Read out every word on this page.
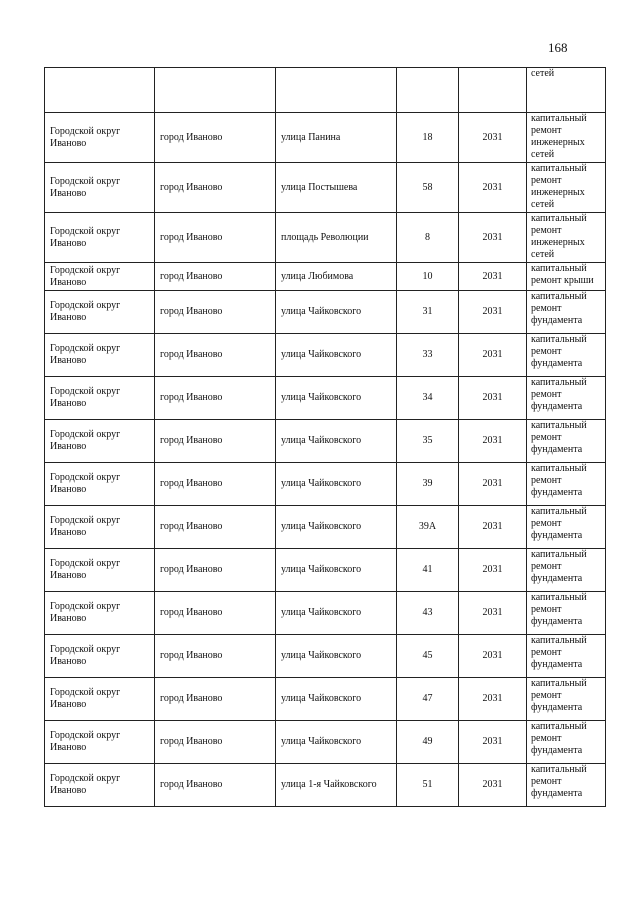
168
					сетей
Городской округ Иваново	город Иваново	улица Панина	18	2031	капитальный ремонт инженерных сетей
Городской округ Иваново	город Иваново	улица Постышева	58	2031	капитальный ремонт инженерных сетей
Городской округ Иваново	город Иваново	площадь Революции	8	2031	капитальный ремонт инженерных сетей
Городской округ Иваново	город Иваново	улица Любимова	10	2031	капитальный ремонт крыши
Городской округ Иваново	город Иваново	улица Чайковского	31	2031	капитальный ремонт фундамента
Городской округ Иваново	город Иваново	улица Чайковского	33	2031	капитальный ремонт фундамента
Городской округ Иваново	город Иваново	улица Чайковского	34	2031	капитальный ремонт фундамента
Городской округ Иваново	город Иваново	улица Чайковского	35	2031	капитальный ремонт фундамента
Городской округ Иваново	город Иваново	улица Чайковского	39	2031	капитальный ремонт фундамента
Городской округ Иваново	город Иваново	улица Чайковского	39А	2031	капитальный ремонт фундамента
Городской округ Иваново	город Иваново	улица Чайковского	41	2031	капитальный ремонт фундамента
Городской округ Иваново	город Иваново	улица Чайковского	43	2031	капитальный ремонт фундамента
Городской округ Иваново	город Иваново	улица Чайковского	45	2031	капитальный ремонт фундамента
Городской округ Иваново	город Иваново	улица Чайковского	47	2031	капитальный ремонт фундамента
Городской округ Иваново	город Иваново	улица Чайковского	49	2031	капитальный ремонт фундамента
Городской округ Иваново	город Иваново	улица 1-я Чайковского	51	2031	капитальный ремонт фундамента
